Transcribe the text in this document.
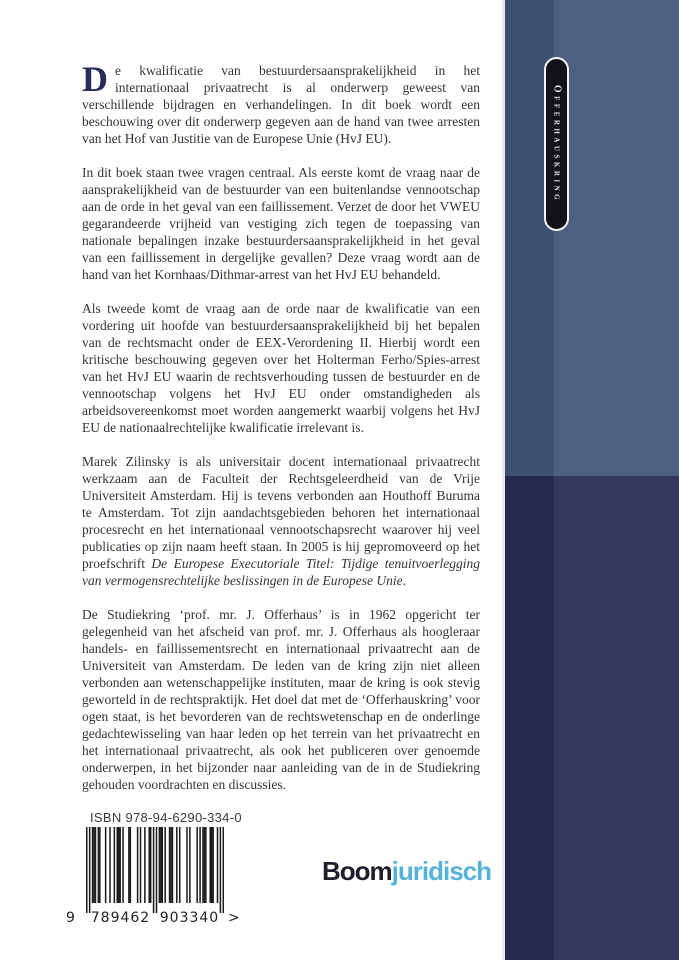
Offerhauskring

De kwalificatie van bestuurdersaansprakelijkheid in het internationaal privaatrecht is al onderwerp geweest van verschillende bijdragen en verhandelingen. In dit boek wordt een beschouwing over dit onderwerp gegeven aan de hand van twee arresten van het Hof van Justitie van de Europese Unie (HvJ EU).

In dit boek staan twee vragen centraal. Als eerste komt de vraag naar de aansprakelijkheid van de bestuurder van een buitenlandse vennootschap aan de orde in het geval van een faillissement. Verzet de door het VWEU gegarandeerde vrijheid van vestiging zich tegen de toepassing van nationale bepalingen inzake bestuurdersaansprakelijkheid in het geval van een faillissement in dergelijke gevallen? Deze vraag wordt aan de hand van het Kornhaas/Dithmar-arrest van het HvJ EU behandeld.

Als tweede komt de vraag aan de orde naar de kwalificatie van een vordering uit hoofde van bestuurdersaansprakelijkheid bij het bepalen van de rechtsmacht onder de EEX-Verordening II. Hierbij wordt een kritische beschouwing gegeven over het Holterman Ferho/Spies-arrest van het HvJ EU waarin de rechtsverhouding tussen de bestuurder en de vennootschap volgens het HvJ EU onder omstandigheden als arbeidsovereenkomst moet worden aangemerkt waarbij volgens het HvJ EU de nationaalrechtelijke kwalificatie irrelevant is.

Marek Zilinsky is als universitair docent internationaal privaatrecht werkzaam aan de Faculteit der Rechtsgeleerdheid van de Vrije Universiteit Amsterdam. Hij is tevens verbonden aan Houthoff Buruma te Amsterdam. Tot zijn aandachtsgebieden behoren het internationaal procesrecht en het internationaal vennootschapsrecht waarover hij veel publicaties op zijn naam heeft staan. In 2005 is hij gepromoveerd op het proefschrift De Europese Executoriale Titel: Tijdige tenuitvoerlegging van vermogensrechtelijke beslissingen in de Europese Unie.

De Studiekring ‘prof. mr. J. Offerhaus’ is in 1962 opgericht ter gelegenheid van het afscheid van prof. mr. J. Offerhaus als hoogleraar handels- en faillissementsrecht en internationaal privaatrecht aan de Universiteit van Amsterdam. De leden van de kring zijn niet alleen verbonden aan wetenschappelijke instituten, maar de kring is ook stevig geworteld in de rechtspraktijk. Het doel dat met de ‘Offerhauskring’ voor ogen staat, is het bevorderen van de rechtswetenschap en de onderlinge gedachtewisseling van haar leden op het terrein van het privaatrecht en het internationaal privaatrecht, als ook het publiceren over genoemde onderwerpen, in het bijzonder naar aanleiding van de in de Studiekring gehouden voordrachten en discussies.

ISBN 978-94-6290-334-0
9 789462 903340 >
Boomjuridisch
